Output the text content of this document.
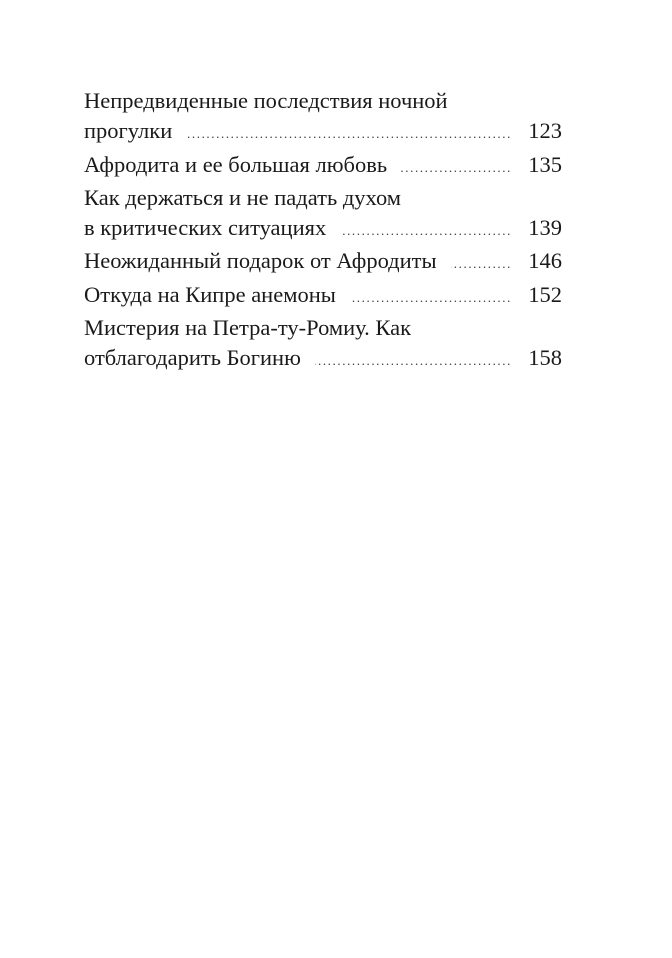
Непредвиденные последствия ночной
прогулки .....	123
Афродита и ее большая любовь .....	135
Как держаться и не падать духом
в критических ситуациях .....	139
Неожиданный подарок от Афродиты .....	146
Откуда на Кипре анемоны .....	152
Мистерия на Петра-ту-Ромиу. Как
отблагодарить Богиню .....	158
